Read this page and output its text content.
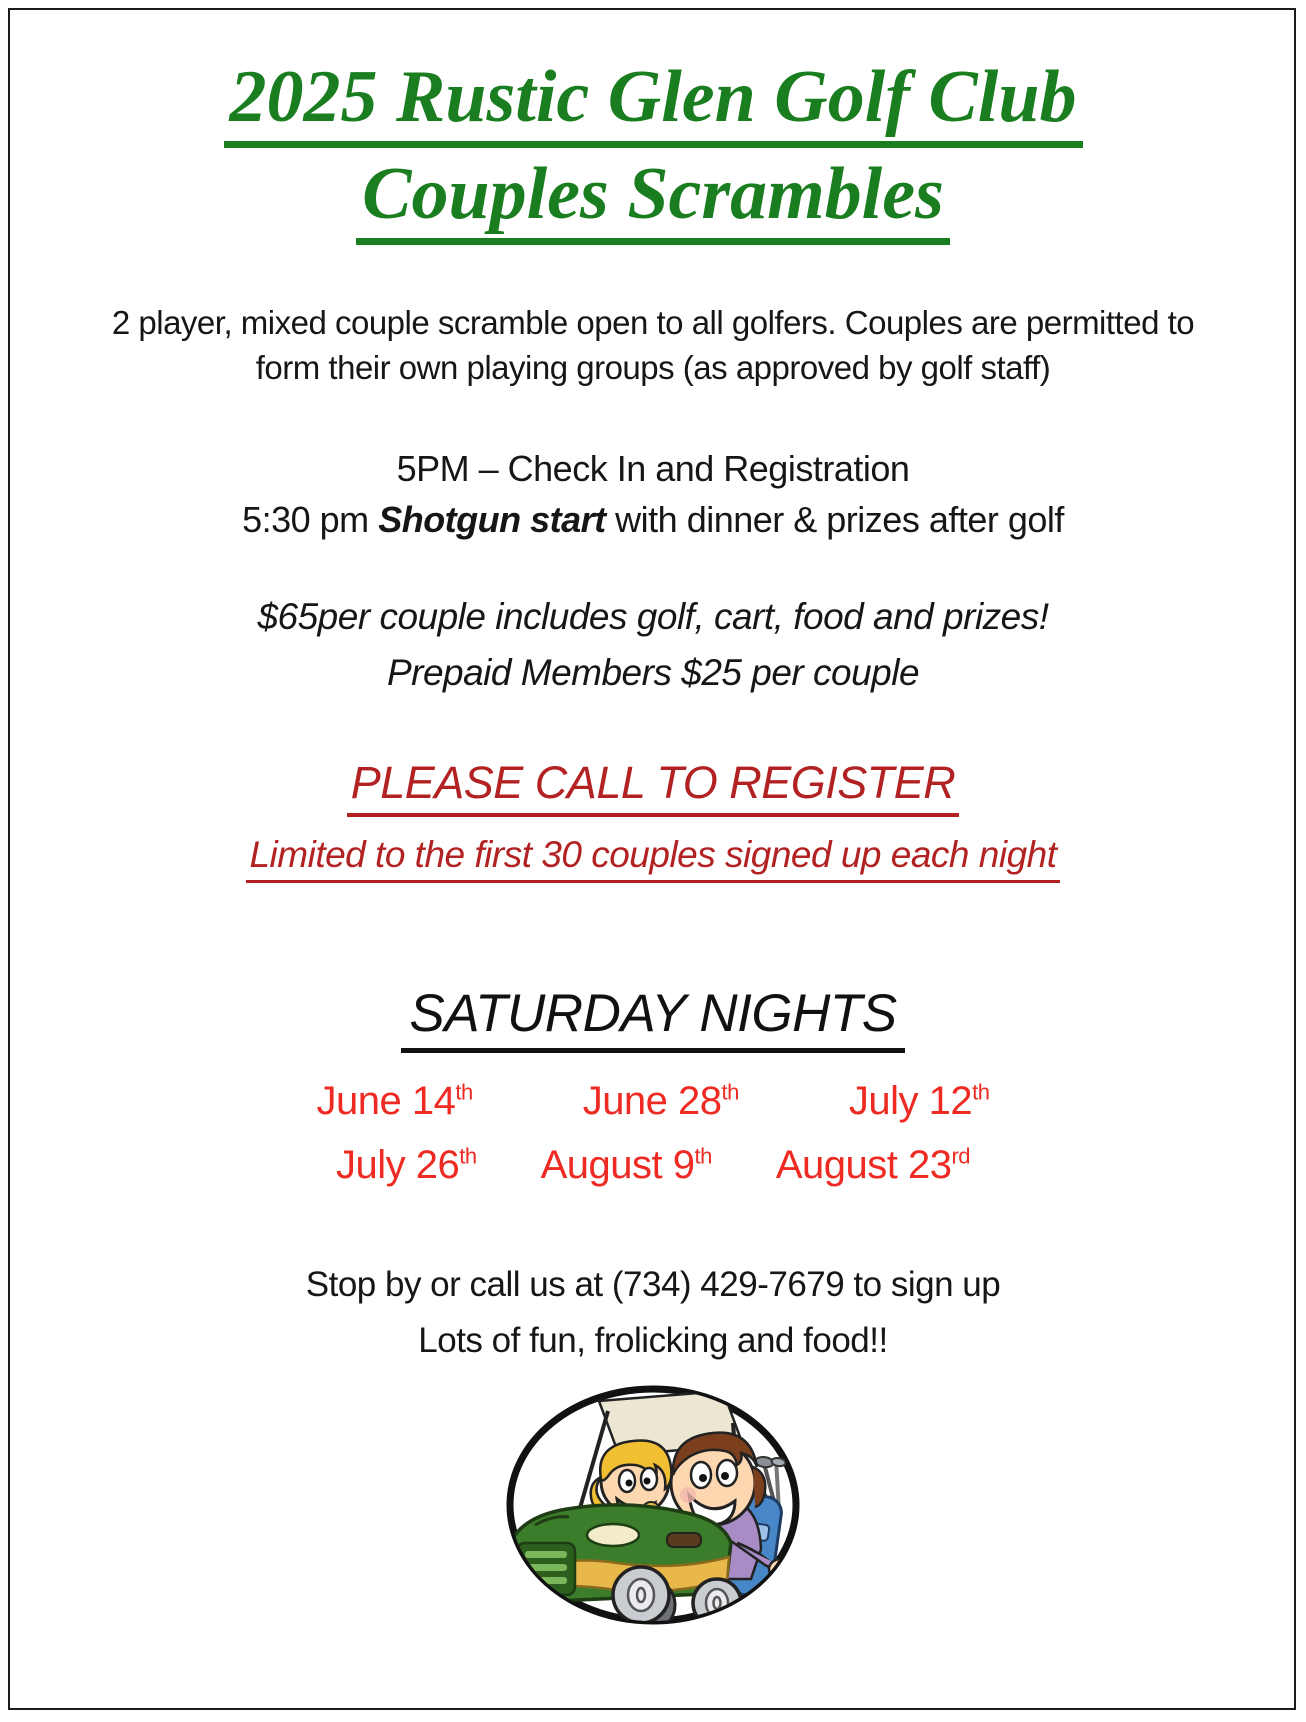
2025 Rustic Glen Golf Club
Couples Scrambles
2 player, mixed couple scramble open to all golfers. Couples are permitted to form their own playing groups (as approved by golf staff)
5PM – Check In and Registration
5:30 pm Shotgun start with dinner & prizes after golf
$65per couple includes golf, cart, food and prizes!
Prepaid Members $25 per couple
PLEASE CALL TO REGISTER
Limited to the first 30 couples signed up each night
SATURDAY NIGHTS
June 14th	June 28th	July 12th
July 26th August 9th August 23rd
Stop by or call us at (734) 429-7679 to sign up
Lots of fun, frolicking and food!!
